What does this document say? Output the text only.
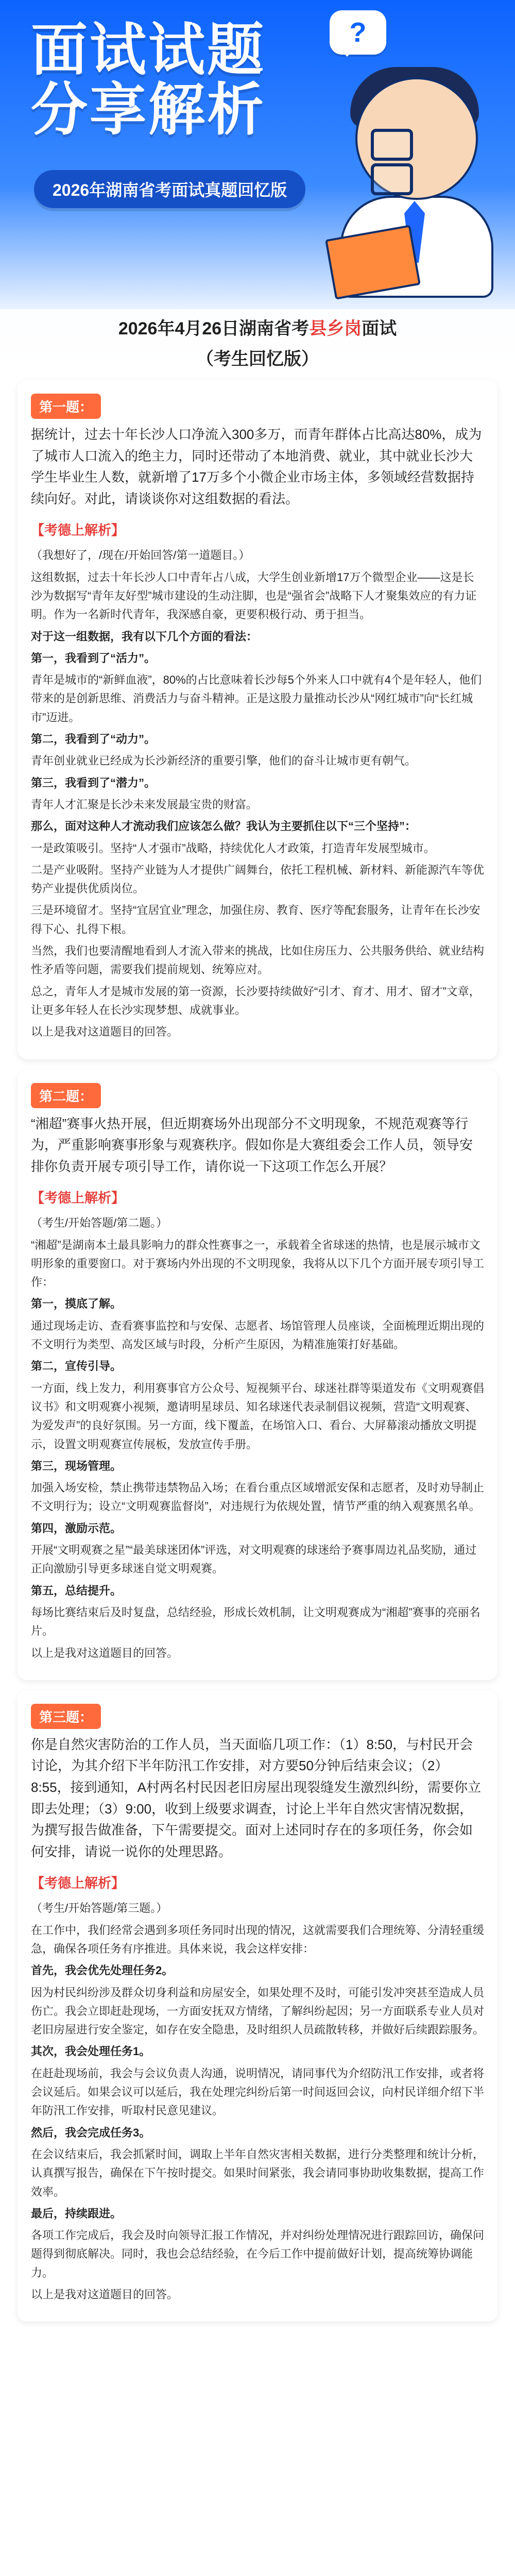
面试试题
分享解析
2026年湖南省考面试真题回忆版
?
2026年4月26日湖南省考县乡岗面试
（考生回忆版）
第一题：
据统计，过去十年长沙人口净流入300多万，而青年群体占比高达80%，成为了城市人口流入的绝主力，同时还带动了本地消费、就业，其中就业长沙大学生毕业生人数，就新增了17万多个小微企业市场主体，多领域经营数据持续向好。对此，请谈谈你对这组数据的看法。
【考德上解析】
（我想好了，/现在/开始回答/第一道题目。）
这组数据，过去十年长沙人口中青年占八成，大学生创业新增17万个微型企业——这是长沙为数据写“青年友好型”城市建设的生动注脚，也是“强省会”战略下人才聚集效应的有力证明。作为一名新时代青年，我深感自豪，更要积极行动、勇于担当。
对于这一组数据，我有以下几个方面的看法：
第一，我看到了“活力”。
青年是城市的“新鲜血液”，80%的占比意味着长沙每5个外来人口中就有4个是年轻人，他们带来的是创新思维、消费活力与奋斗精神。正是这股力量推动长沙从“网红城市”向“长红城市”迈进。
第二，我看到了“动力”。
青年创业就业已经成为长沙新经济的重要引擎，他们的奋斗让城市更有朝气。
第三，我看到了“潜力”。
青年人才汇聚是长沙未来发展最宝贵的财富。
那么，面对这种人才流动我们应该怎么做？我认为主要抓住以下“三个坚持”：
一是政策吸引。坚持“人才强市”战略，持续优化人才政策，打造青年发展型城市。
二是产业吸附。坚持产业链为人才提供广阔舞台，依托工程机械、新材料、新能源汽车等优势产业提供优质岗位。
三是环境留才。坚持“宜居宜业”理念，加强住房、教育、医疗等配套服务，让青年在长沙安得下心、扎得下根。
当然，我们也要清醒地看到人才流入带来的挑战，比如住房压力、公共服务供给、就业结构性矛盾等问题，需要我们提前规划、统筹应对。
总之，青年人才是城市发展的第一资源，长沙要持续做好“引才、育才、用才、留才”文章，让更多年轻人在长沙实现梦想、成就事业。
以上是我对这道题目的回答。
第二题：
“湘超”赛事火热开展，但近期赛场外出现部分不文明现象，不规范观赛等行为，严重影响赛事形象与观赛秩序。假如你是大赛组委会工作人员，领导安排你负责开展专项引导工作，请你说一下这项工作怎么开展？
【考德上解析】
（考生/开始答题/第二题。）
“湘超”是湖南本土最具影响力的群众性赛事之一，承载着全省球迷的热情，也是展示城市文明形象的重要窗口。对于赛场内外出现的不文明现象，我将从以下几个方面开展专项引导工作：
第一，摸底了解。
通过现场走访、查看赛事监控和与安保、志愿者、场馆管理人员座谈，全面梳理近期出现的不文明行为类型、高发区域与时段，分析产生原因，为精准施策打好基础。
第二，宣传引导。
一方面，线上发力，利用赛事官方公众号、短视频平台、球迷社群等渠道发布《文明观赛倡议书》和文明观赛小视频，邀请明星球员、知名球迷代表录制倡议视频，营造“文明观赛、为爱发声”的良好氛围。另一方面，线下覆盖，在场馆入口、看台、大屏幕滚动播放文明提示，设置文明观赛宣传展板，发放宣传手册。
第三，现场管理。
加强入场安检，禁止携带违禁物品入场；在看台重点区域增派安保和志愿者，及时劝导制止不文明行为；设立“文明观赛监督岗”，对违规行为依规处置，情节严重的纳入观赛黑名单。
第四，激励示范。
开展“文明观赛之星”“最美球迷团体”评选，对文明观赛的球迷给予赛事周边礼品奖励，通过正向激励引导更多球迷自觉文明观赛。
第五，总结提升。
每场比赛结束后及时复盘，总结经验，形成长效机制，让文明观赛成为“湘超”赛事的亮丽名片。
以上是我对这道题目的回答。
第三题：
你是自然灾害防治的工作人员，当天面临几项工作：（1）8:50，与村民开会讨论，为其介绍下半年防汛工作安排，对方要50分钟后结束会议；（2）8:55，接到通知，A村两名村民因老旧房屋出现裂缝发生激烈纠纷，需要你立即去处理；（3）9:00，收到上级要求调查，讨论上半年自然灾害情况数据，为撰写报告做准备，下午需要提交。面对上述同时存在的多项任务，你会如何安排，请说一说你的处理思路。
【考德上解析】
（考生/开始答题/第三题。）
在工作中，我们经常会遇到多项任务同时出现的情况，这就需要我们合理统筹、分清轻重缓急，确保各项任务有序推进。具体来说，我会这样安排：
首先，我会优先处理任务2。
因为村民纠纷涉及群众切身利益和房屋安全，如果处理不及时，可能引发冲突甚至造成人员伤亡。我会立即赶赴现场，一方面安抚双方情绪，了解纠纷起因；另一方面联系专业人员对老旧房屋进行安全鉴定，如存在安全隐患，及时组织人员疏散转移，并做好后续跟踪服务。
其次，我会处理任务1。
在赶赴现场前，我会与会议负责人沟通，说明情况，请同事代为介绍防汛工作安排，或者将会议延后。如果会议可以延后，我在处理完纠纷后第一时间返回会议，向村民详细介绍下半年防汛工作安排，听取村民意见建议。
然后，我会完成任务3。
在会议结束后，我会抓紧时间，调取上半年自然灾害相关数据，进行分类整理和统计分析，认真撰写报告，确保在下午按时提交。如果时间紧张，我会请同事协助收集数据，提高工作效率。
最后，持续跟进。
各项工作完成后，我会及时向领导汇报工作情况，并对纠纷处理情况进行跟踪回访，确保问题得到彻底解决。同时，我也会总结经验，在今后工作中提前做好计划，提高统筹协调能力。
以上是我对这道题目的回答。
